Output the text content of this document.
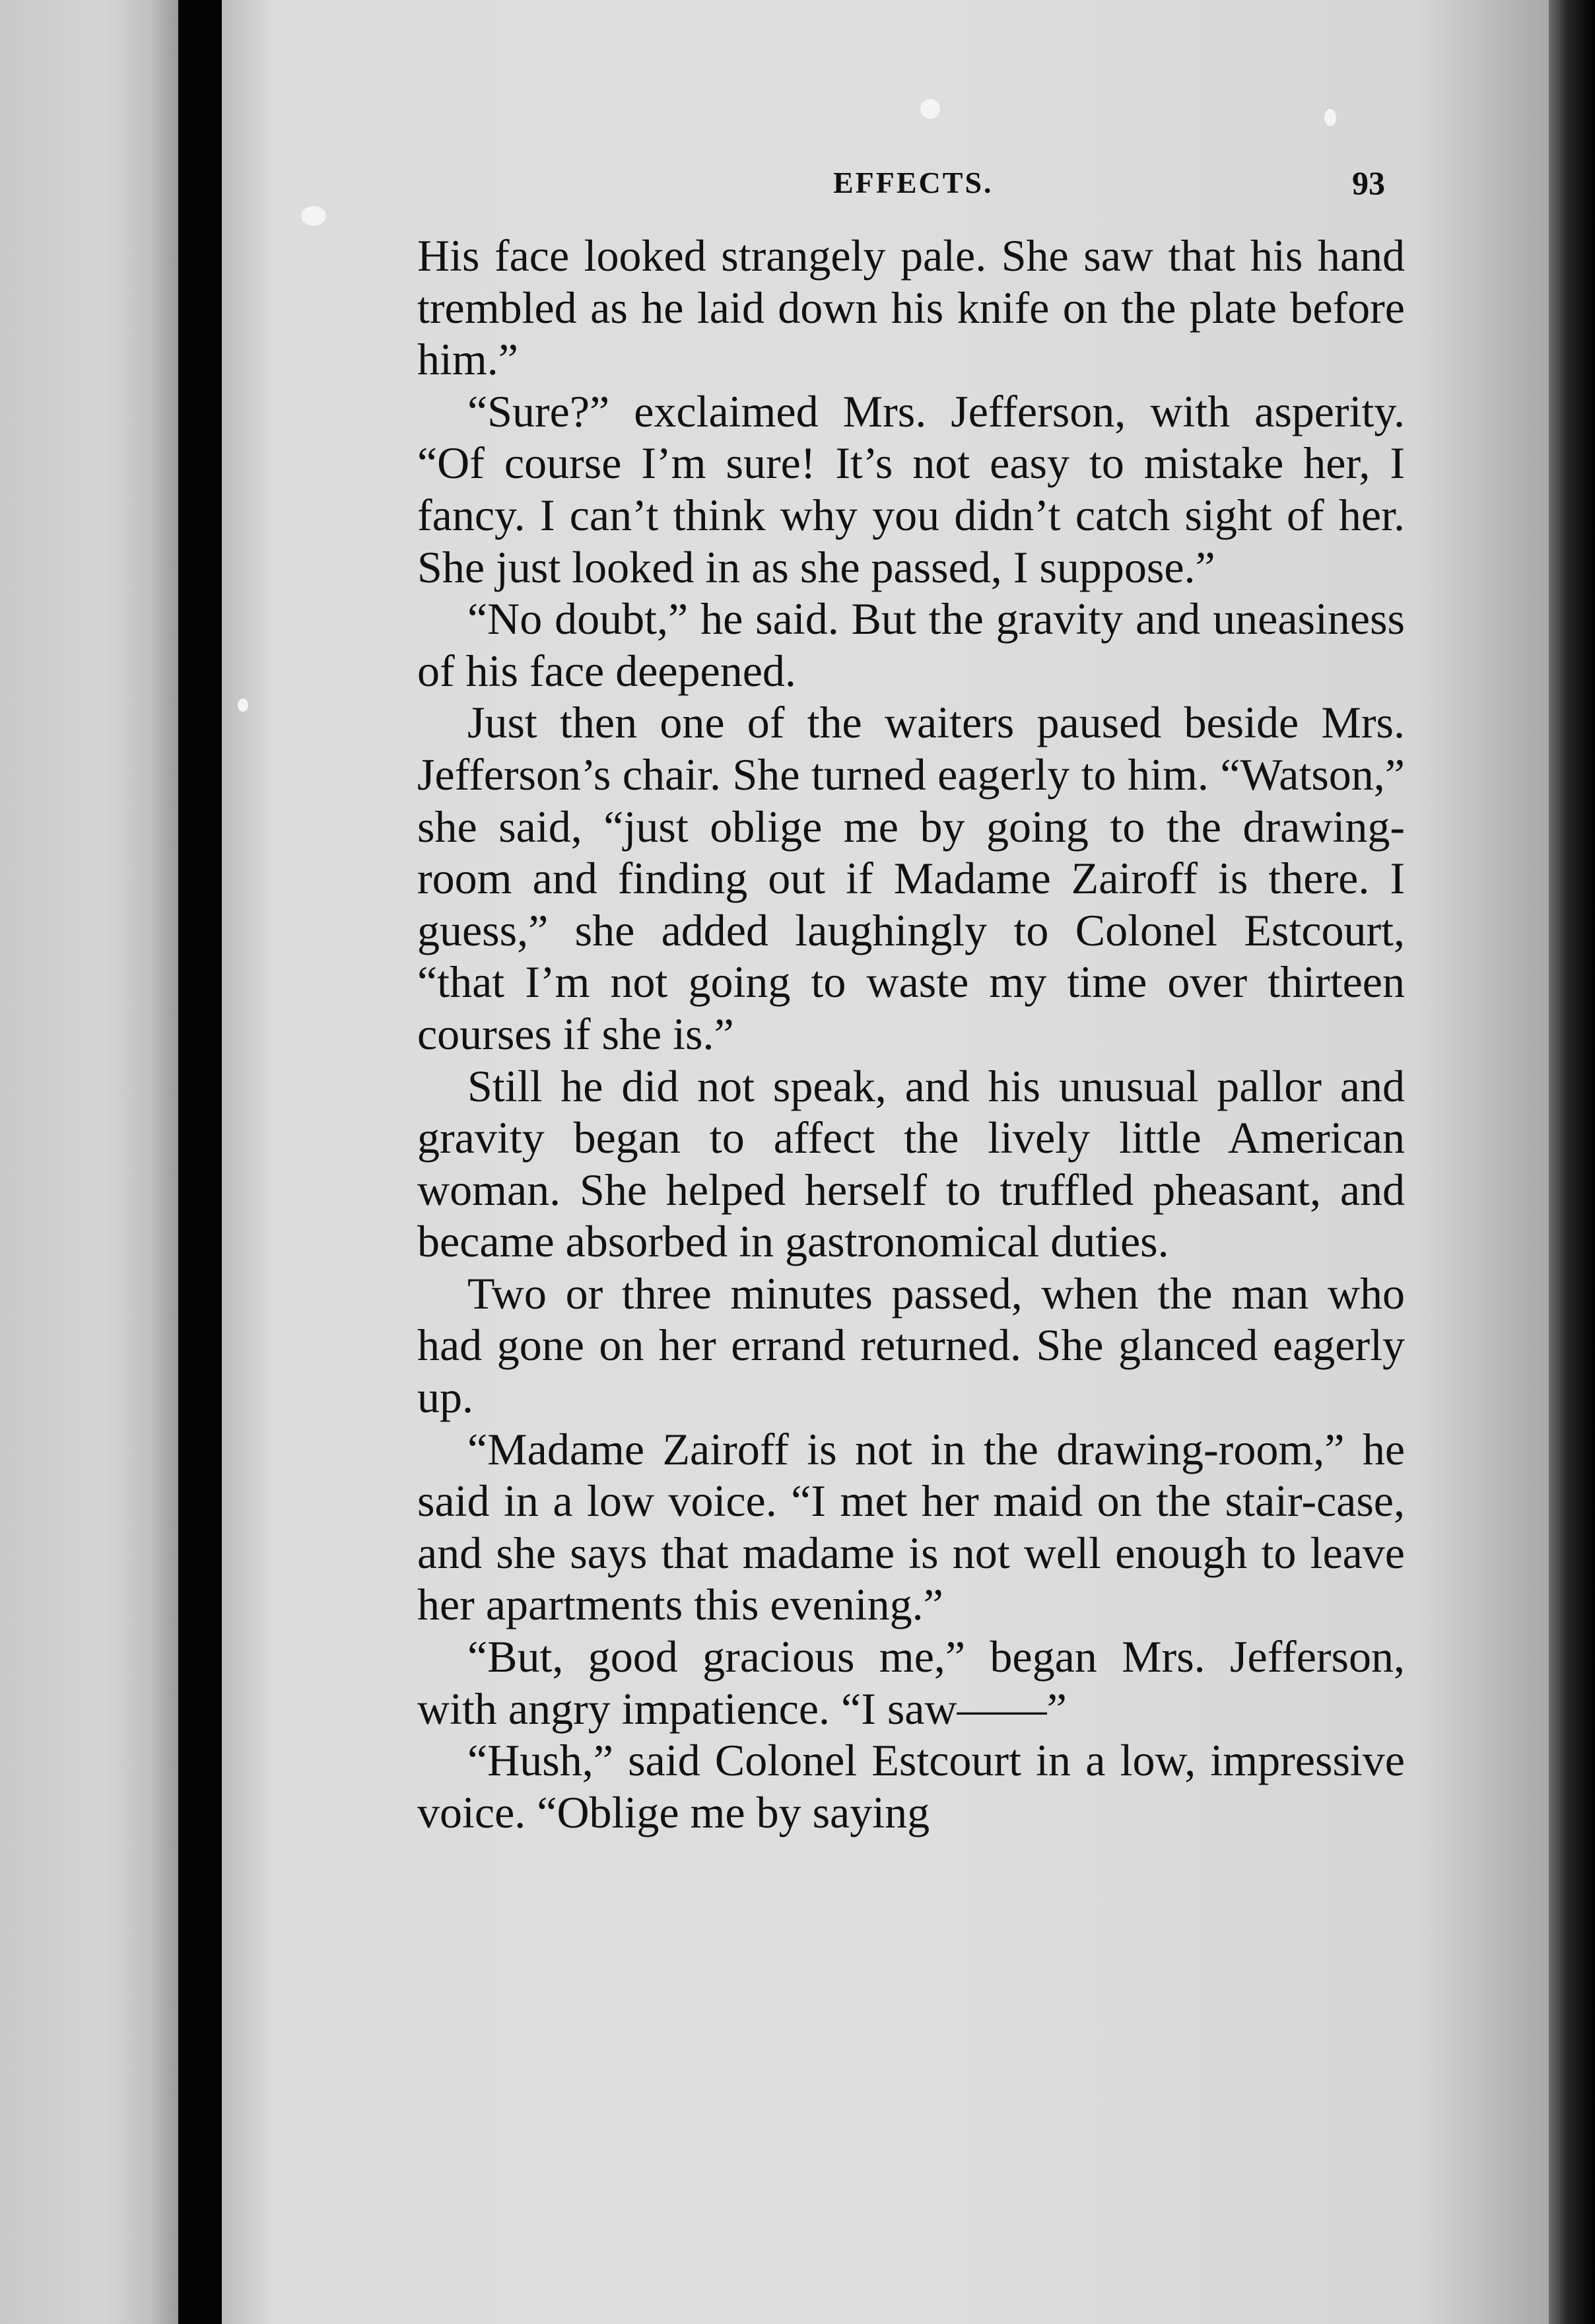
EFFECTS.	93

His face looked strangely pale. She saw that his hand trembled as he laid down his knife on the plate before him.”

“Sure?” exclaimed Mrs. Jefferson, with asperity. “Of course I’m sure! It’s not easy to mistake her, I fancy. I can’t think why you didn’t catch sight of her. She just looked in as she passed, I suppose.”

“No doubt,” he said. But the gravity and uneasiness of his face deepened.

Just then one of the waiters paused beside Mrs. Jefferson’s chair. She turned eagerly to him. “Watson,” she said, “just oblige me by going to the drawing-room and finding out if Madame Zairoff is there. I guess,” she added laughingly to Colonel Estcourt, “that I’m not going to waste my time over thirteen courses if she is.”

Still he did not speak, and his unusual pallor and gravity began to affect the lively little American woman. She helped herself to truffled pheasant, and became absorbed in gastronomical duties.

Two or three minutes passed, when the man who had gone on her errand returned. She glanced eagerly up.

“Madame Zairoff is not in the drawing-room,” he said in a low voice. “I met her maid on the stair-case, and she says that madame is not well enough to leave her apartments this evening.”

“But, good gracious me,” began Mrs. Jefferson, with angry impatience. “I saw——”

“Hush,” said Colonel Estcourt in a low, impressive voice. “Oblige me by saying
